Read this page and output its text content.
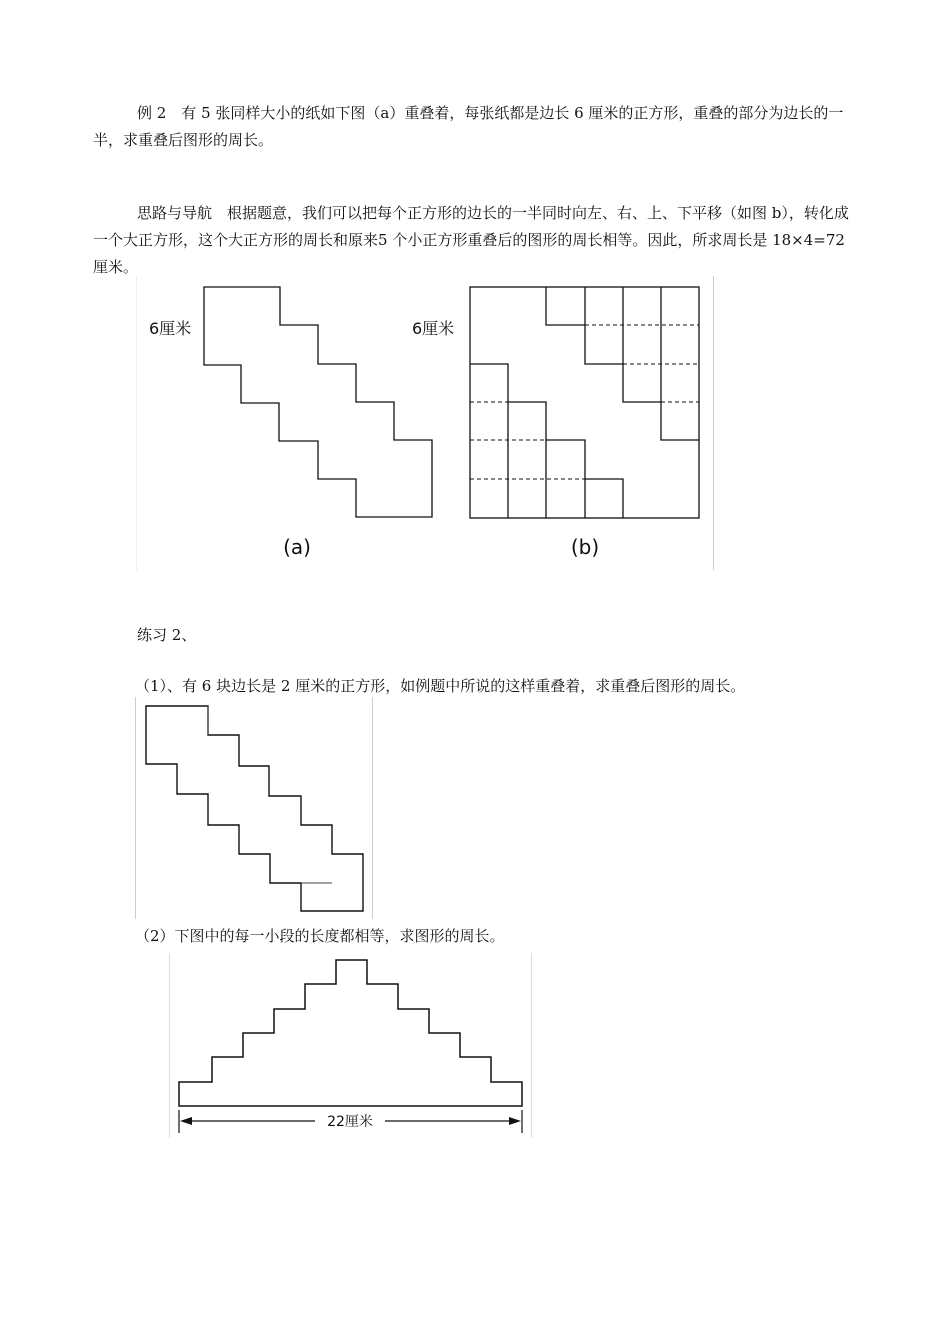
例 2　有 5 张同样大小的纸如下图（a）重叠着，每张纸都是边长 6 厘米的正方形，重叠的部分为边长的一半，求重叠后图形的周长。

思路与导航　根据题意，我们可以把每个正方形的边长的一半同时向左、右、上、下平移（如图 b），转化成一个大正方形，这个大正方形的周长和原来5 个小正方形重叠后的图形的周长相等。因此，所求周长是 18×4=72 厘米。

6厘米
(a)
6厘米
(b)

练习 2、

（1）、有 6 块边长是 2 厘米的正方形，如例题中所说的这样重叠着，求重叠后图形的周长。

（2）下图中的每一小段的长度都相等，求图形的周长。

22厘米
